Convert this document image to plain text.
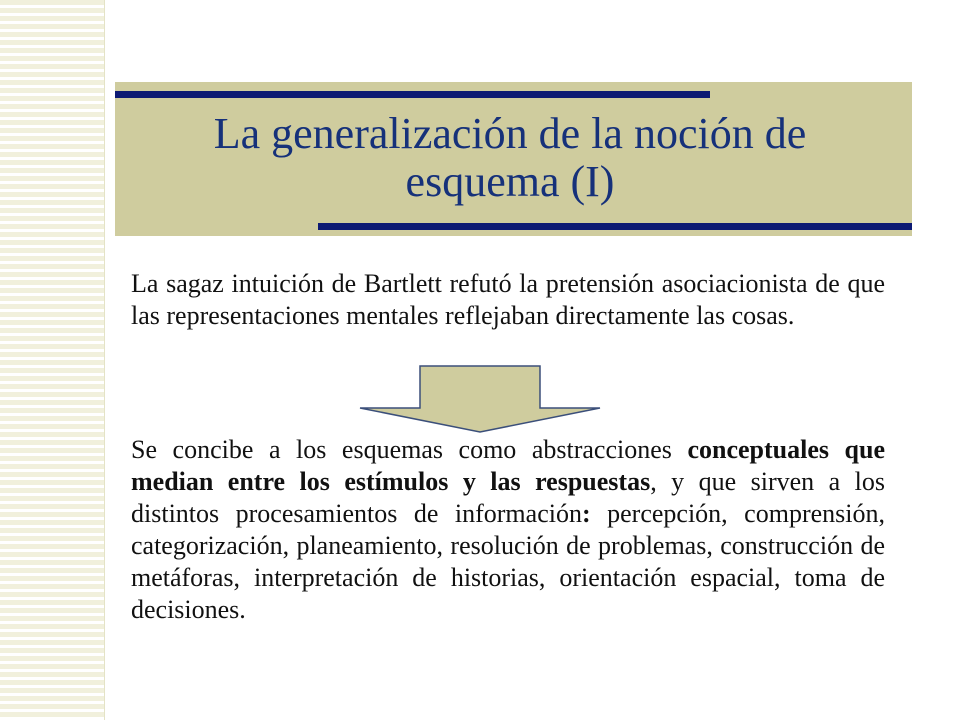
La generalización de la noción de esquema (I)

La sagaz intuición de Bartlett refutó la pretensión asociacionista de que las representaciones mentales reflejaban directamente las cosas.

Se concibe a los esquemas como abstracciones conceptuales que median entre los estímulos y las respuestas, y que sirven a los distintos procesamientos de información: percepción, comprensión, categorización, planeamiento, resolución de problemas, construcción de metáforas, interpretación de historias, orientación espacial, toma de decisiones.
